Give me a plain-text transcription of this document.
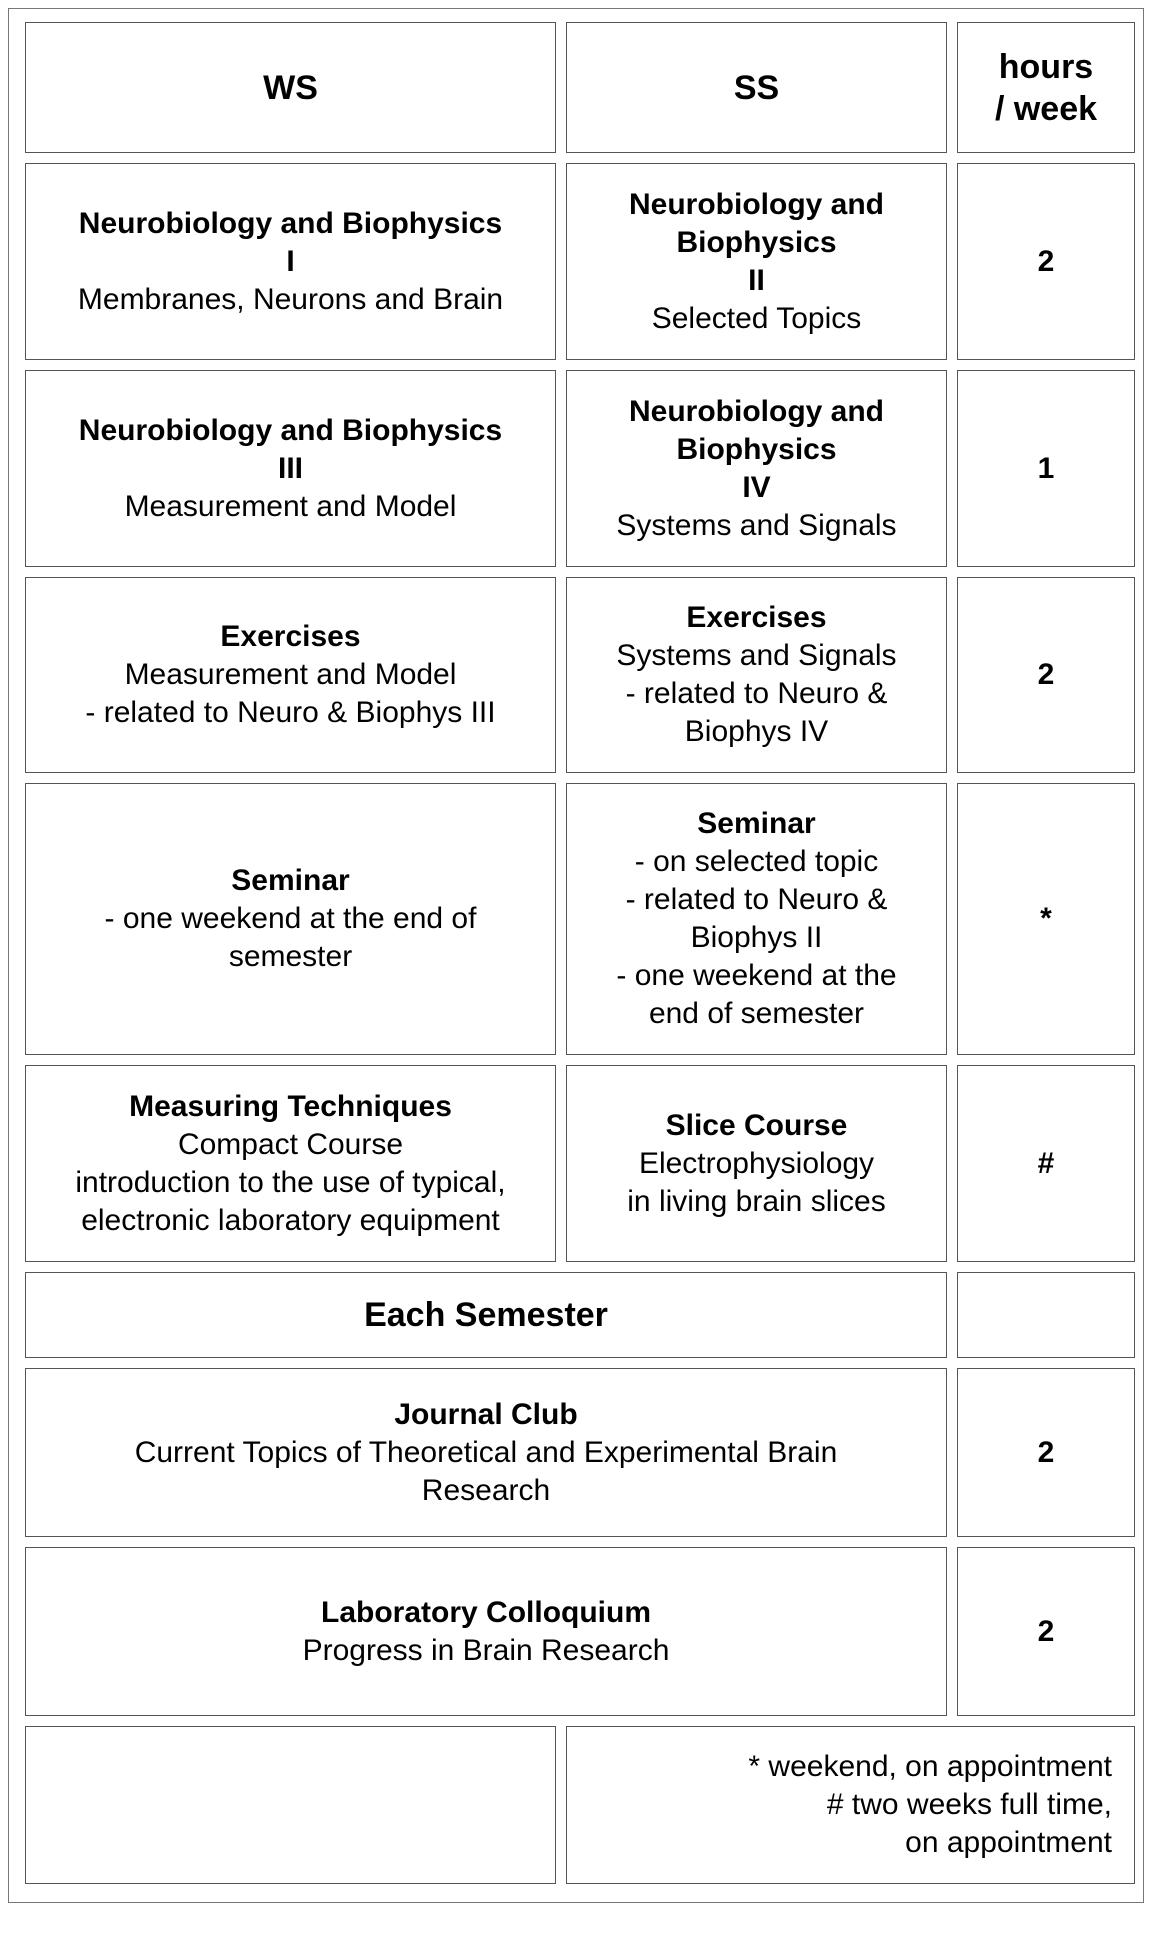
WS	SS
hours
/ week
Neurobiology and Biophysics
I
Membranes, Neurons and Brain
Neurobiology and
Biophysics
II
Selected Topics
2
Neurobiology and Biophysics
III
Measurement and Model
Neurobiology and
Biophysics
IV
Systems and Signals
1
Exercises
Measurement and Model
- related to Neuro & Biophys III
Exercises
Systems and Signals
- related to Neuro &
Biophys IV
2
Seminar
- one weekend at the end of
semester
Seminar
- on selected topic
- related to Neuro &
Biophys II
- one weekend at the
end of semester
*
Measuring Techniques
Compact Course
introduction to the use of typical,
electronic laboratory equipment
Slice Course
Electrophysiology
in living brain slices
#
Each Semester
Journal Club
Current Topics of Theoretical and Experimental Brain
Research
2
Laboratory Colloquium
Progress in Brain Research
2
* weekend, on appointment
# two weeks full time,
on appointment
